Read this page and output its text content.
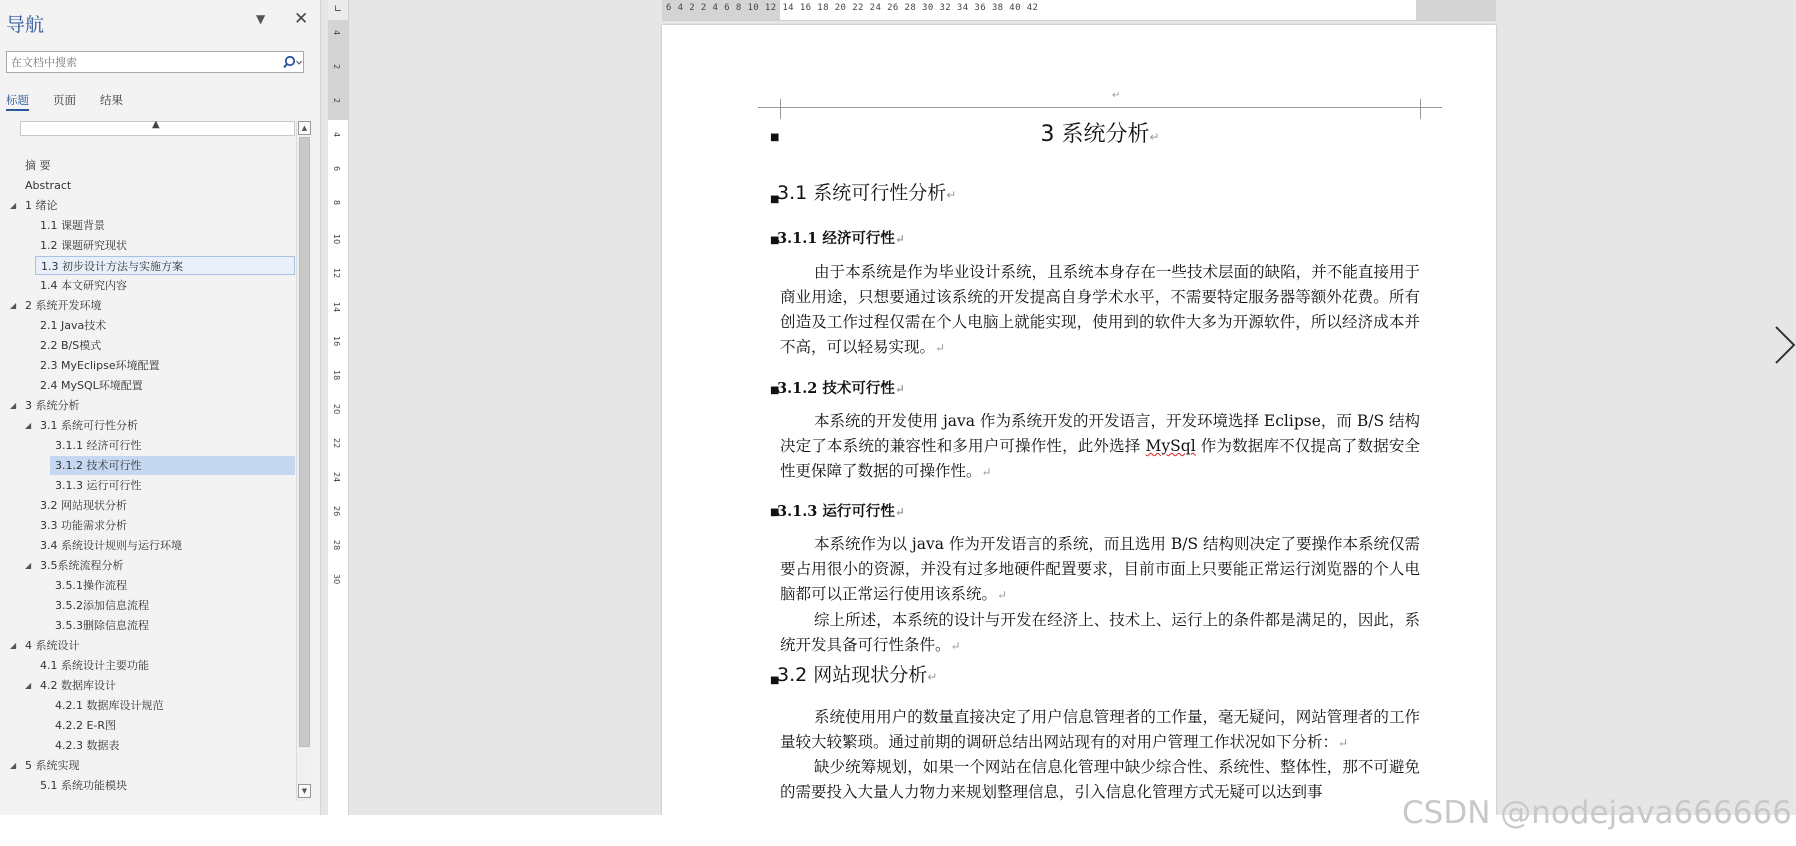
导航	▼ ✕
在文档中搜索
标题 页面 结果
▲
摘 要
Abstract
◢ 1 绪论
1.1 课题背景
1.2 课题研究现状
1.3 初步设计方法与实施方案
1.4 本文研究内容
◢ 2 系统开发环境
2.1 Java技术
2.2 B/S模式
2.3 MyEclipse环境配置
2.4 MySQL环境配置
◢ 3 系统分析
◢ 3.1 系统可行性分析
3.1.1 经济可行性
3.1.2 技术可行性
3.1.3 运行可行性
3.2 网站现状分析
3.3 功能需求分析
3.4 系统设计规则与运行环境
◢ 3.5系统流程分析
3.5.1操作流程
3.5.2添加信息流程
3.5.3删除信息流程
◢ 4 系统设计
4.1 系统设计主要功能
◢ 4.2 数据库设计
4.2.1 数据库设计规范
4.2.2 E-R图
4.2.3 数据表
◢ 5 系统实现
5.1 系统功能模块
▲
▼
∟
4
2
2
4
6
8
10
12
14
16
18
20
22
24
26
28
30
6 4 2 2 4 6 8 10 12 14 16 18 20 22 24 26 28 30 32 34 36 38 40 42
↵
■	3 系统分析↵
■
3.1 系统可行性分析↵
■
3.1.1 经济可行性↵
由于本系统是作为毕业设计系统，且系统本身存在一些技术层面的缺陷，并不能直接用于商业用途，只想要通过该系统的开发提高自身学术水平，不需要特定服务器等额外花费。所有创造及工作过程仅需在个人电脑上就能实现，使用到的软件大多为开源软件，所以经济成本并不高，可以轻易实现。↵
■
3.1.2 技术可行性↵
本系统的开发使用 java 作为系统开发的开发语言，开发环境选择 Eclipse，而 B/S 结构决定了本系统的兼容性和多用户可操作性，此外选择 MySql 作为数据库不仅提高了数据安全性更保障了数据的可操作性。↵
■
3.1.3 运行可行性↵
本系统作为以 java 作为开发语言的系统，而且选用 B/S 结构则决定了要操作本系统仅需要占用很小的资源，并没有过多地硬件配置要求，目前市面上只要能正常运行浏览器的个人电脑都可以正常运行使用该系统。↵
综上所述，本系统的设计与开发在经济上、技术上、运行上的条件都是满足的，因此，系统开发具备可行性条件。↵
■
3.2 网站现状分析↵
系统使用用户的数量直接决定了用户信息管理者的工作量，毫无疑问，网站管理者的工作量较大较繁琐。通过前期的调研总结出网站现有的对用户管理工作状况如下分析：↵
缺少统筹规划，如果一个网站在信息化管理中缺少综合性、系统性、整体性，那不可避免的需要投入大量人力物力来规划整理信息，引入信息化管理方式无疑可以达到事
CSDN @nodejava666666
